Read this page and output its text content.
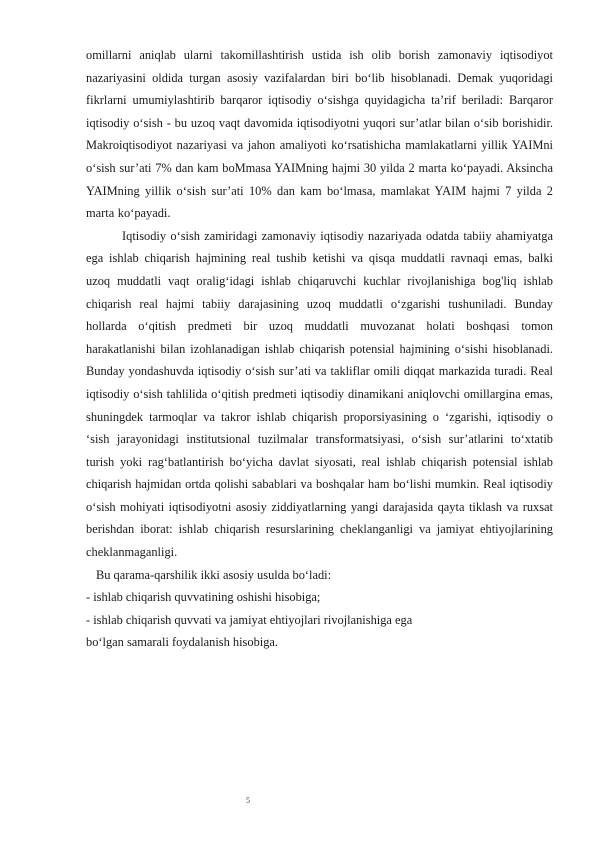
​

omillarni aniqlab ularni takomillashtirish ustida ish olib borish zamonaviy iqtisodiyot nazariyasini oldida turgan asosiy vazifalardan biri bo‘lib hisoblanadi. Demak yuqoridagi fikrlarni umumiylashtirib barqaror iqtisodiy o‘sishga quyidagicha ta’rif beriladi: Barqaror iqtisodiy o‘sish - bu uzoq vaqt davomida iqtisodiyotni yuqori sur’atlar bilan o‘sib borishidir. Makroiqtisodiyot nazariyasi va jahon amaliyoti ko‘rsatishicha mamlakatlarni yillik YAIMni o‘sish sur’ati 7% dan kam boMmasa YAIMning hajmi 30 yilda 2 marta ko‘payadi. Aksincha YAIMning yillik o‘sish sur’ati 10% dan kam bo‘lmasa, mamlakat YAIM hajmi 7 yilda 2 marta ko‘payadi.

Iqtisodiy o‘sish zamiridagi zamonaviy iqtisodiy nazariyada odatda tabiiy ahamiyatga ega ishlab chiqarish hajmining real tushib ketishi va qisqa muddatli ravnaqi emas, balki uzoq muddatli vaqt oralig‘idagi ishlab chiqaruvchi kuchlar rivojlanishiga bog'liq ishlab chiqarish real hajmi tabiiy darajasining uzoq muddatli o‘zgarishi tushuniladi. Bunday hollarda o‘qitish predmeti bir uzoq muddatli muvozanat holati boshqasi tomon harakatlanishi bilan izohlanadigan ishlab chiqarish potensial hajmining o‘sishi hisoblanadi. Bunday yondashuvda iqtisodiy o‘sish sur’ati va takliflar omili diqqat markazida turadi. Real iqtisodiy o‘sish tahlilida o‘qitish predmeti iqtisodiy dinamikani aniqlovchi omillargina emas, shuningdek tarmoqlar va takror ishlab chiqarish proporsiyasining o ‘zgarishi, iqtisodiy o ‘sish jarayonidagi institutsional tuzilmalar transformatsiyasi, o‘sish sur’atlarini to‘xtatib turish yoki rag‘batlantirish bo‘yicha davlat siyosati, real ishlab chiqarish potensial ishlab chiqarish hajmidan ortda qolishi sabablari va boshqalar ham bo‘lishi mumkin. Real iqtisodiy o‘sish mohiyati iqtisodiyotni asosiy ziddiyatlarning yangi darajasida qayta tiklash va ruxsat berishdan iborat: ishlab chiqarish resurslarining cheklanganligi va jamiyat ehtiyojlarining cheklanmaganligi.

Bu qarama-qarshilik ikki asosiy usulda bo‘ladi:

- ishlab chiqarish quvvatining oshishi hisobiga;

- ishlab chiqarish quvvati va jamiyat ehtiyojlari rivojlanishiga ega

bo‘lgan samarali foydalanish hisobiga.

5
